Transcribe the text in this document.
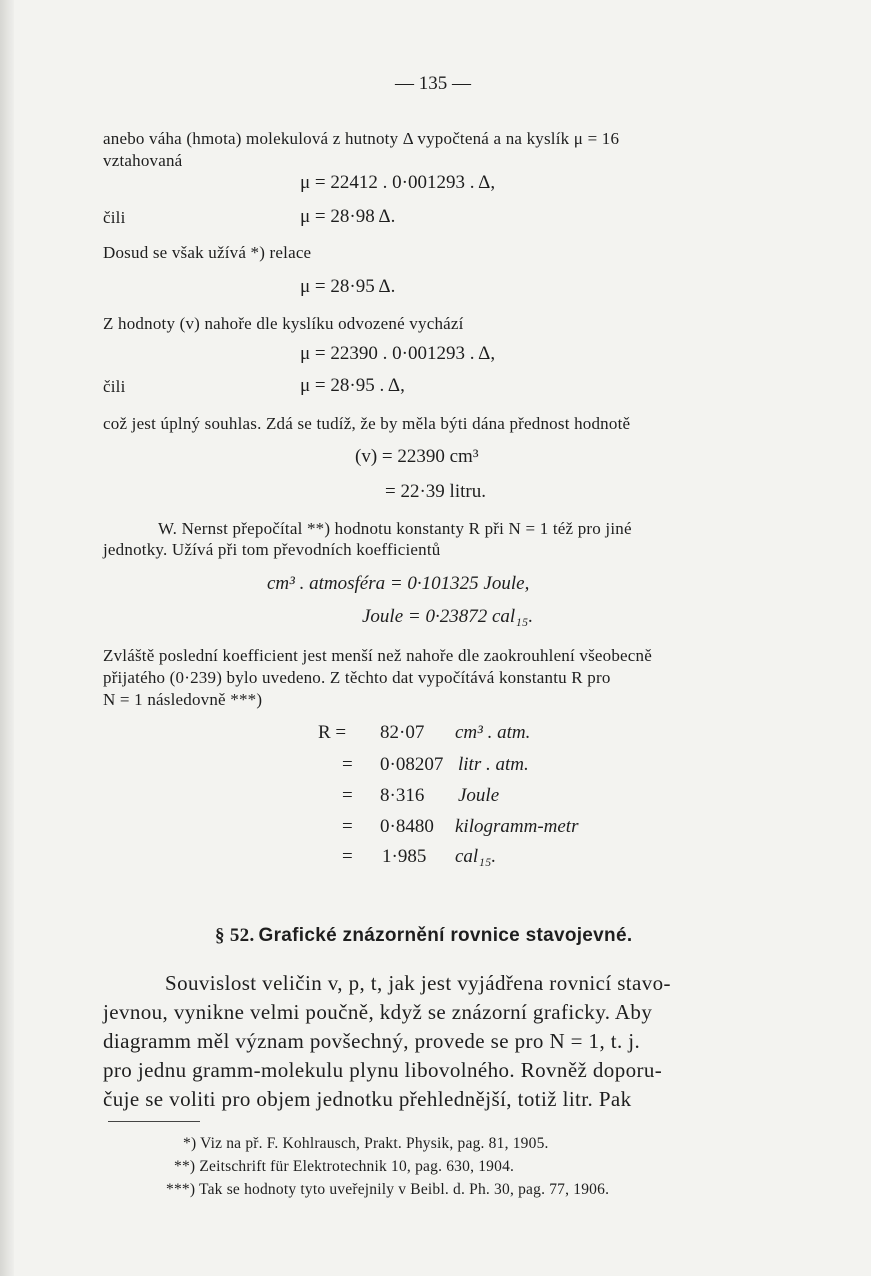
— 135 —
anebo váha (hmota) molekulová z hutnoty Δ vypočtená a na kyslík μ = 16
vztahovaná
μ = 22412 . 0·001293 . Δ,
čili	μ = 28·98 Δ.
Dosud se však užívá *) relace
μ = 28·95 Δ.
Z hodnoty (v) nahoře dle kyslíku odvozené vychází
μ = 22390 . 0·001293 . Δ,
čili	μ = 28·95 . Δ,
což jest úplný souhlas. Zdá se tudíž, že by měla býti dána přednost hodnotě
(v) = 22390 cm³
= 22·39 litru.
W. Nernst přepočítal **) hodnotu konstanty R při N = 1 též pro jiné
jednotky. Užívá při tom převodních koefficientů
cm³ . atmosféra = 0·101325 Joule,
Joule = 0·23872 cal₁₅.
Zvláště poslední koefficient jest menší než nahoře dle zaokrouhlení všeobecně
přijatého (0·239) bylo uvedeno. Z těchto dat vypočítává konstantu R pro
N = 1 následovně ***)
R = 82·07 cm³ . atm.
= 0·08207 litr . atm.
= 8·316 Joule
= 0·8480 kilogramm-metr
= 1·985 cal₁₅.
§ 52. Grafické znázornění rovnice stavojevné.
Souvislost veličin v, p, t, jak jest vyjádřena rovnicí stavo-
jevnou, vynikne velmi poučně, když se znázorní graficky. Aby
diagramm měl význam povšechný, provede se pro N = 1, t. j.
pro jednu gramm-molekulu plynu libovolného. Rovněž doporu-
čuje se voliti pro objem jednotku přehlednější, totiž litr. Pak
*) Viz na př. F. Kohlrausch, Prakt. Physik, pag. 81, 1905.
**) Zeitschrift für Elektrotechnik 10, pag. 630, 1904.
***) Tak se hodnoty tyto uveřejnily v Beibl. d. Ph. 30, pag. 77, 1906.
